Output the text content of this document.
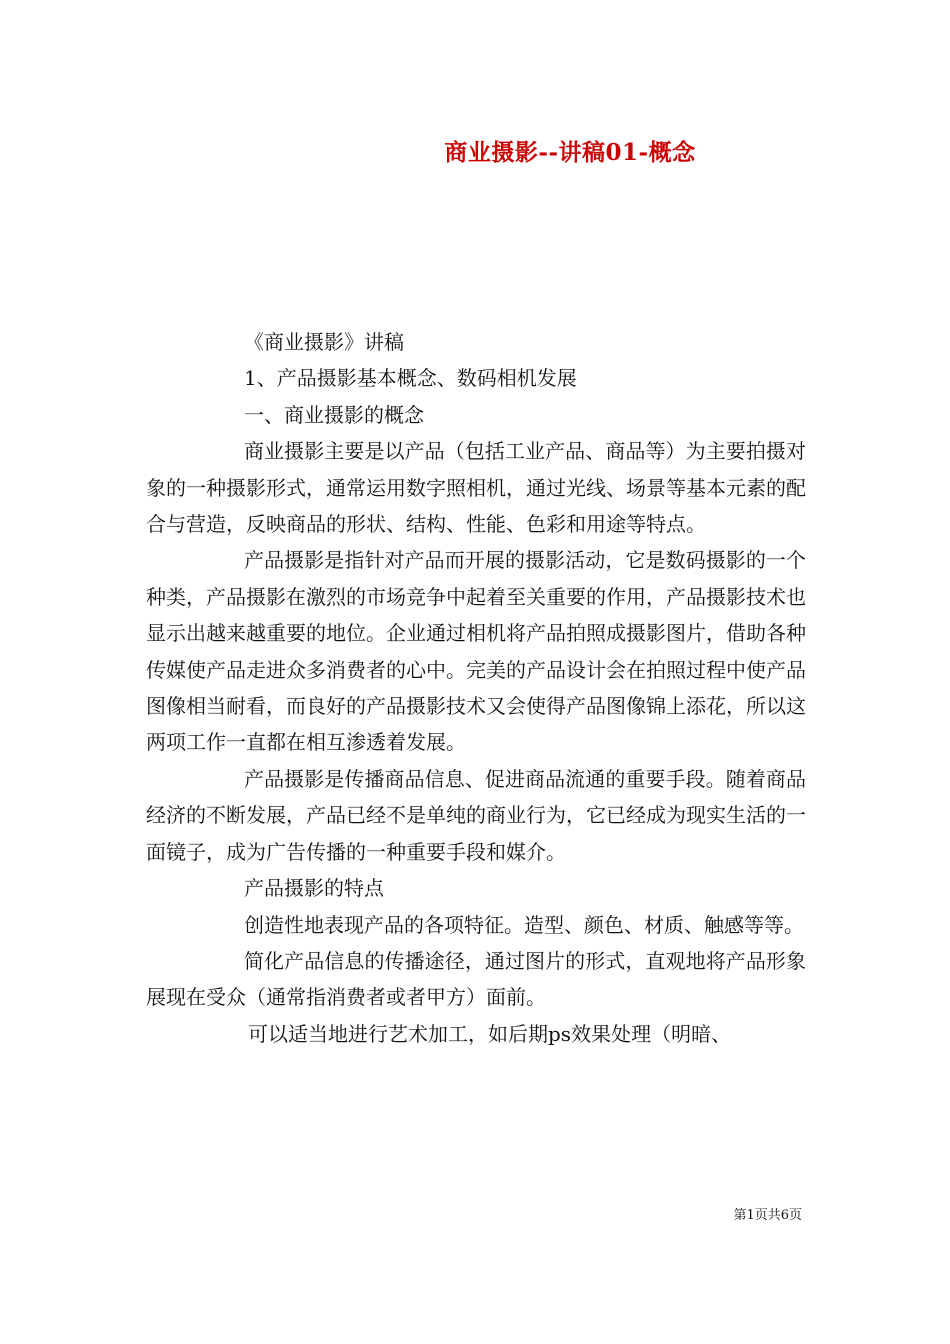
商业摄影--讲稿01-概念

《商业摄影》讲稿

1、产品摄影基本概念、数码相机发展

一、商业摄影的概念

商业摄影主要是以产品（包括工业产品、商品等）为主要拍摄对象的一种摄影形式，通常运用数字照相机，通过光线、场景等基本元素的配合与营造，反映商品的形状、结构、性能、色彩和用途等特点。

产品摄影是指针对产品而开展的摄影活动，它是数码摄影的一个种类，产品摄影在激烈的市场竞争中起着至关重要的作用，产品摄影技术也显示出越来越重要的地位。企业通过相机将产品拍照成摄影图片，借助各种传媒使产品走进众多消费者的心中。完美的产品设计会在拍照过程中使产品图像相当耐看，而良好的产品摄影技术又会使得产品图像锦上添花，所以这两项工作一直都在相互渗透着发展。

产品摄影是传播商品信息、促进商品流通的重要手段。随着商品经济的不断发展，产品已经不是单纯的商业行为，它已经成为现实生活的一面镜子，成为广告传播的一种重要手段和媒介。

产品摄影的特点

创造性地表现产品的各项特征。造型、颜色、材质、触感等等。

简化产品信息的传播途径，通过图片的形式，直观地将产品形象展现在受众（通常指消费者或者甲方）面前。

可以适当地进行艺术加工，如后期ps效果处理（明暗、

第1页共6页
